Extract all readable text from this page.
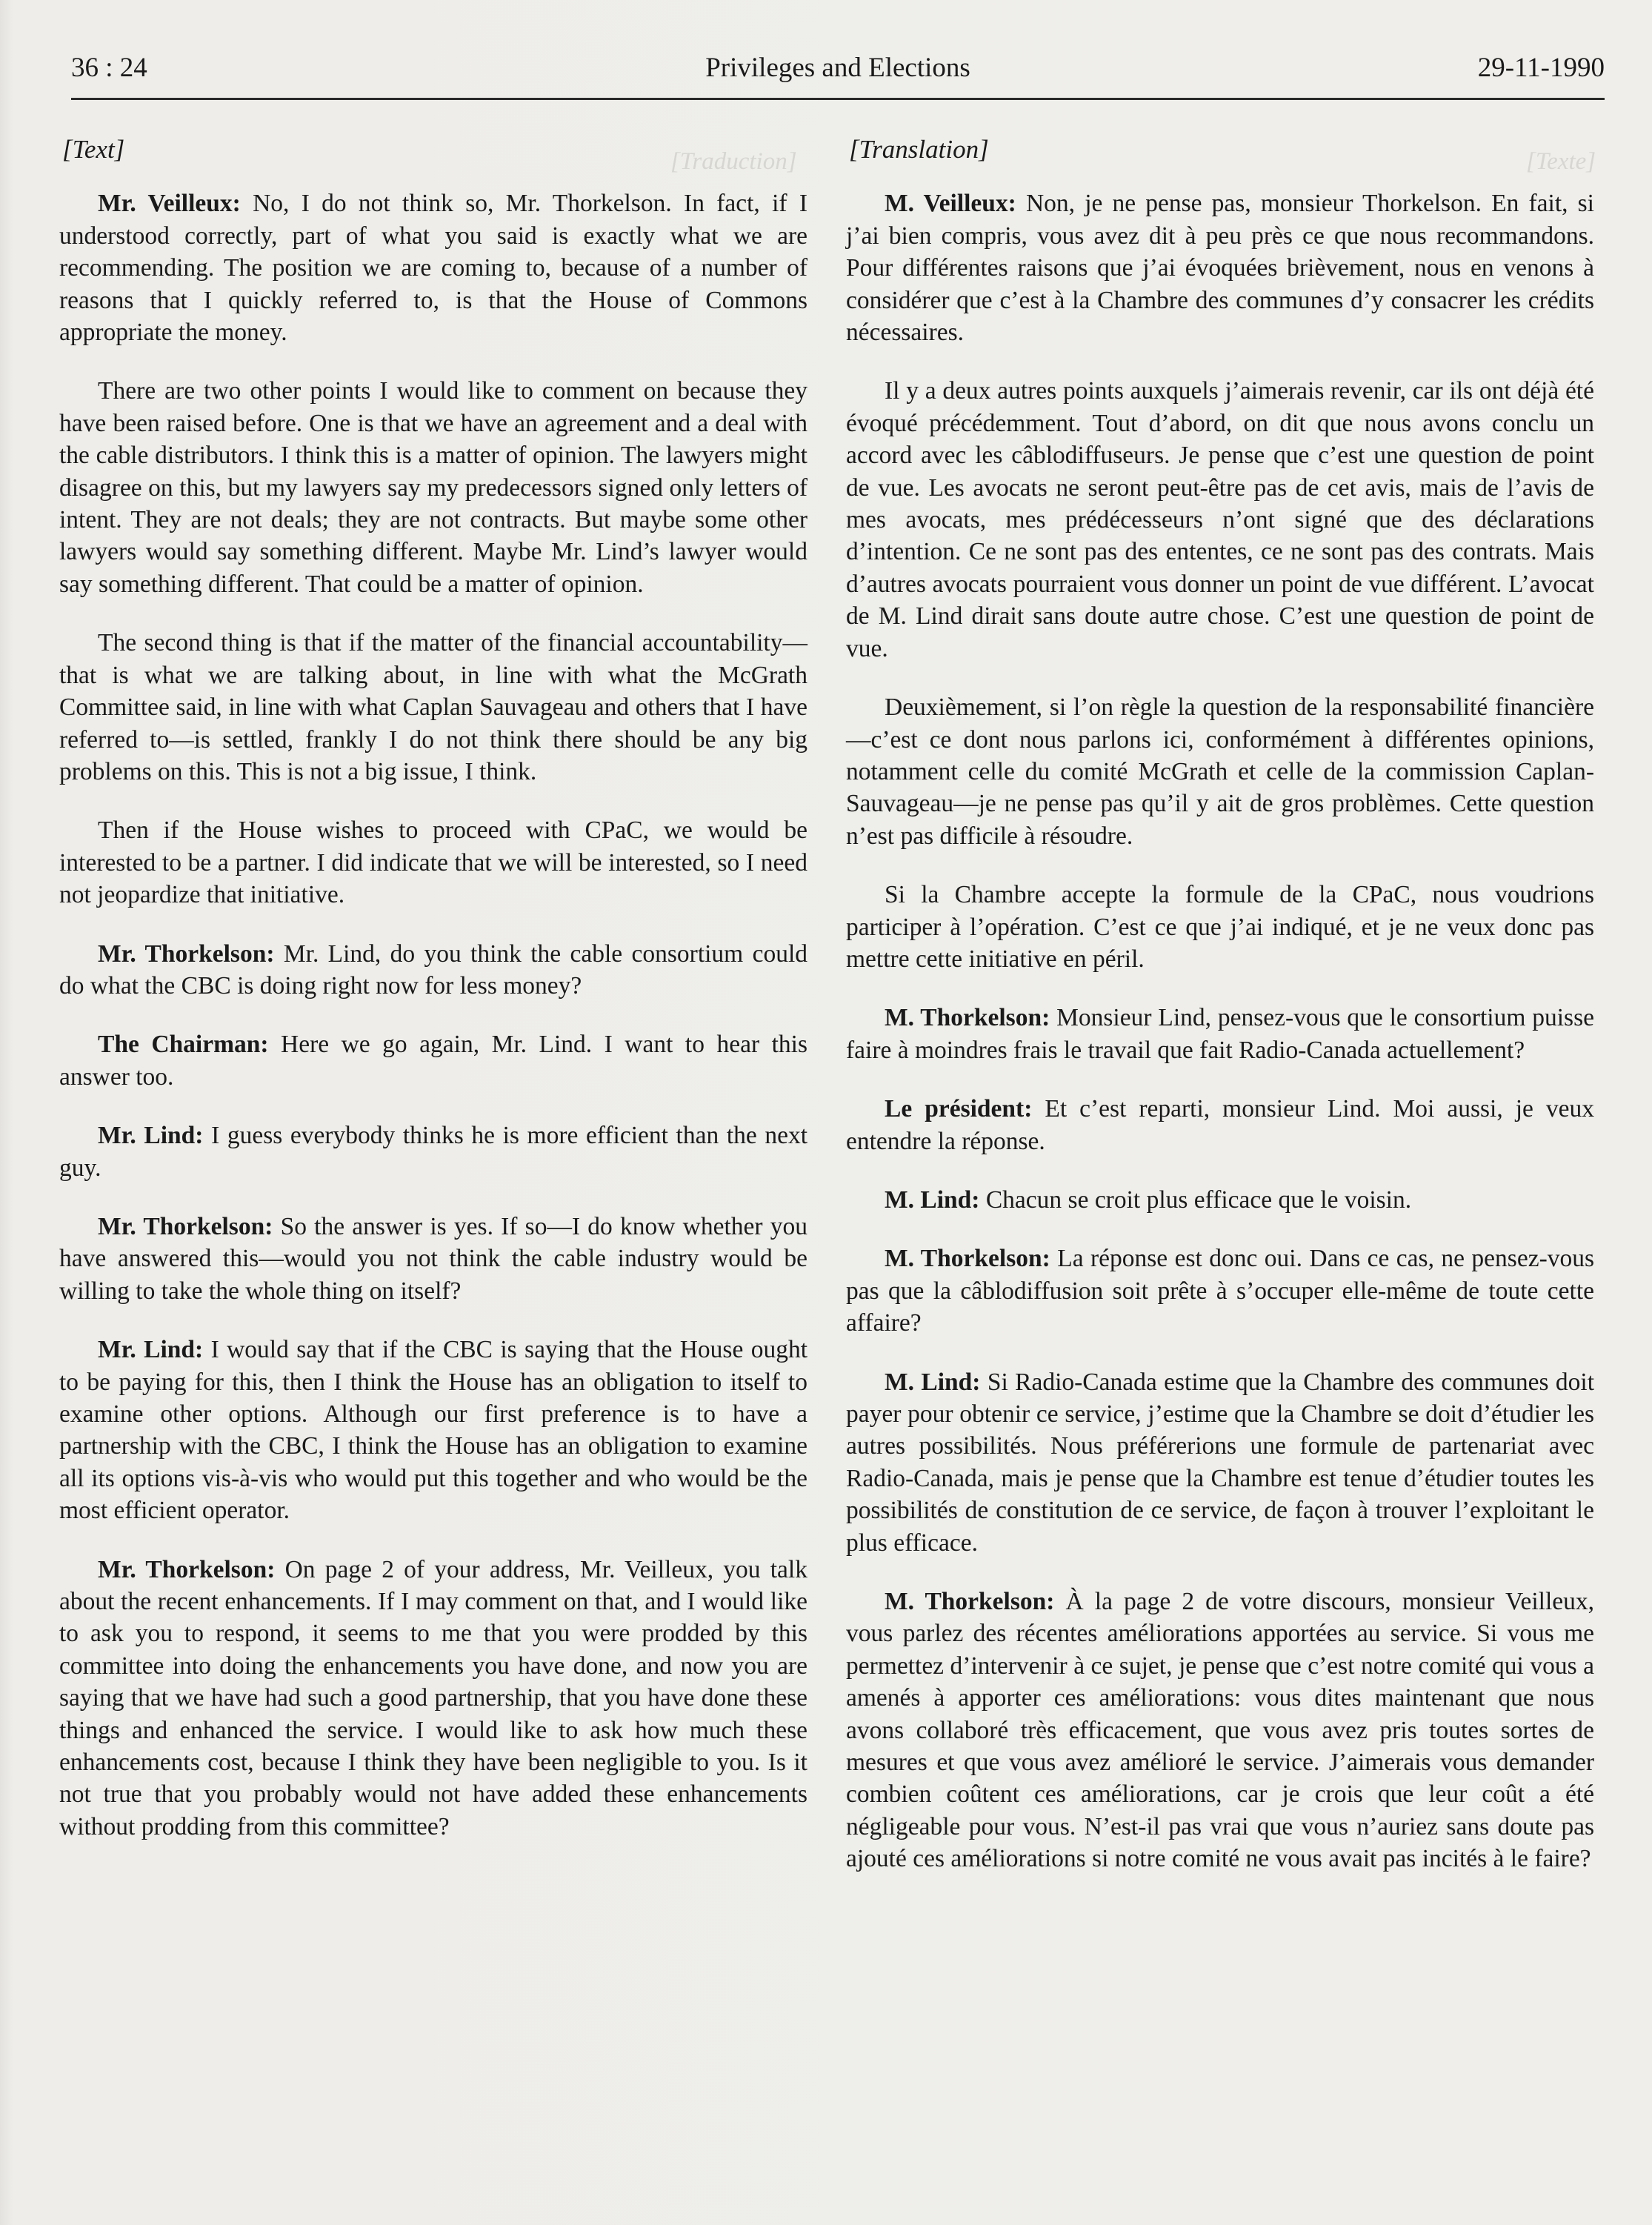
[Traduction]	[Texte]
36 : 24	Privileges and Elections	29-11-1990
[Text]
Mr. Veilleux: No, I do not think so, Mr. Thorkelson. In fact, if I understood correctly, part of what you said is exactly what we are recommending. The position we are coming to, because of a number of reasons that I quickly referred to, is that the House of Commons appropriate the money.
There are two other points I would like to comment on because they have been raised before. One is that we have an agreement and a deal with the cable distributors. I think this is a matter of opinion. The lawyers might disagree on this, but my lawyers say my predecessors signed only letters of intent. They are not deals; they are not contracts. But maybe some other lawyers would say something different. Maybe Mr. Lind’s lawyer would say something different. That could be a matter of opinion.
The second thing is that if the matter of the financial accountability—that is what we are talking about, in line with what the McGrath Committee said, in line with what Caplan Sauvageau and others that I have referred to—is settled, frankly I do not think there should be any big problems on this. This is not a big issue, I think.
Then if the House wishes to proceed with CPaC, we would be interested to be a partner. I did indicate that we will be interested, so I need not jeopardize that initiative.
Mr. Thorkelson: Mr. Lind, do you think the cable consortium could do what the CBC is doing right now for less money?
The Chairman: Here we go again, Mr. Lind. I want to hear this answer too.
Mr. Lind: I guess everybody thinks he is more efficient than the next guy.
Mr. Thorkelson: So the answer is yes. If so—I do know whether you have answered this—would you not think the cable industry would be willing to take the whole thing on itself?
Mr. Lind: I would say that if the CBC is saying that the House ought to be paying for this, then I think the House has an obligation to itself to examine other options. Although our first preference is to have a partnership with the CBC, I think the House has an obligation to examine all its options vis-à-vis who would put this together and who would be the most efficient operator.
Mr. Thorkelson: On page 2 of your address, Mr. Veilleux, you talk about the recent enhancements. If I may comment on that, and I would like to ask you to respond, it seems to me that you were prodded by this committee into doing the enhancements you have done, and now you are saying that we have had such a good partnership, that you have done these things and enhanced the service. I would like to ask how much these enhancements cost, because I think they have been negligible to you. Is it not true that you probably would not have added these enhancements without prodding from this committee?
[Translation]
M. Veilleux: Non, je ne pense pas, monsieur Thorkelson. En fait, si j’ai bien compris, vous avez dit à peu près ce que nous recommandons. Pour différentes raisons que j’ai évoquées brièvement, nous en venons à considérer que c’est à la Chambre des communes d’y consacrer les crédits nécessaires.
Il y a deux autres points auxquels j’aimerais revenir, car ils ont déjà été évoqué précédemment. Tout d’abord, on dit que nous avons conclu un accord avec les câblodiffuseurs. Je pense que c’est une question de point de vue. Les avocats ne seront peut-être pas de cet avis, mais de l’avis de mes avocats, mes prédécesseurs n’ont signé que des déclarations d’intention. Ce ne sont pas des ententes, ce ne sont pas des contrats. Mais d’autres avocats pourraient vous donner un point de vue différent. L’avocat de M. Lind dirait sans doute autre chose. C’est une question de point de vue.
Deuxièmement, si l’on règle la question de la responsabilité financière—c’est ce dont nous parlons ici, conformément à différentes opinions, notamment celle du comité McGrath et celle de la commission Caplan-Sauvageau—je ne pense pas qu’il y ait de gros problèmes. Cette question n’est pas difficile à résoudre.
Si la Chambre accepte la formule de la CPaC, nous voudrions participer à l’opération. C’est ce que j’ai indiqué, et je ne veux donc pas mettre cette initiative en péril.
M. Thorkelson: Monsieur Lind, pensez-vous que le consortium puisse faire à moindres frais le travail que fait Radio-Canada actuellement?
Le président: Et c’est reparti, monsieur Lind. Moi aussi, je veux entendre la réponse.
M. Lind: Chacun se croit plus efficace que le voisin.
M. Thorkelson: La réponse est donc oui. Dans ce cas, ne pensez-vous pas que la câblodiffusion soit prête à s’occuper elle-même de toute cette affaire?
M. Lind: Si Radio-Canada estime que la Chambre des communes doit payer pour obtenir ce service, j’estime que la Chambre se doit d’étudier les autres possibilités. Nous préférerions une formule de partenariat avec Radio-Canada, mais je pense que la Chambre est tenue d’étudier toutes les possibilités de constitution de ce service, de façon à trouver l’exploitant le plus efficace.
M. Thorkelson: À la page 2 de votre discours, monsieur Veilleux, vous parlez des récentes améliorations apportées au service. Si vous me permettez d’intervenir à ce sujet, je pense que c’est notre comité qui vous a amenés à apporter ces améliorations: vous dites maintenant que nous avons collaboré très efficacement, que vous avez pris toutes sortes de mesures et que vous avez amélioré le service. J’aimerais vous demander combien coûtent ces améliorations, car je crois que leur coût a été négligeable pour vous. N’est-il pas vrai que vous n’auriez sans doute pas ajouté ces améliorations si notre comité ne vous avait pas incités à le faire?
